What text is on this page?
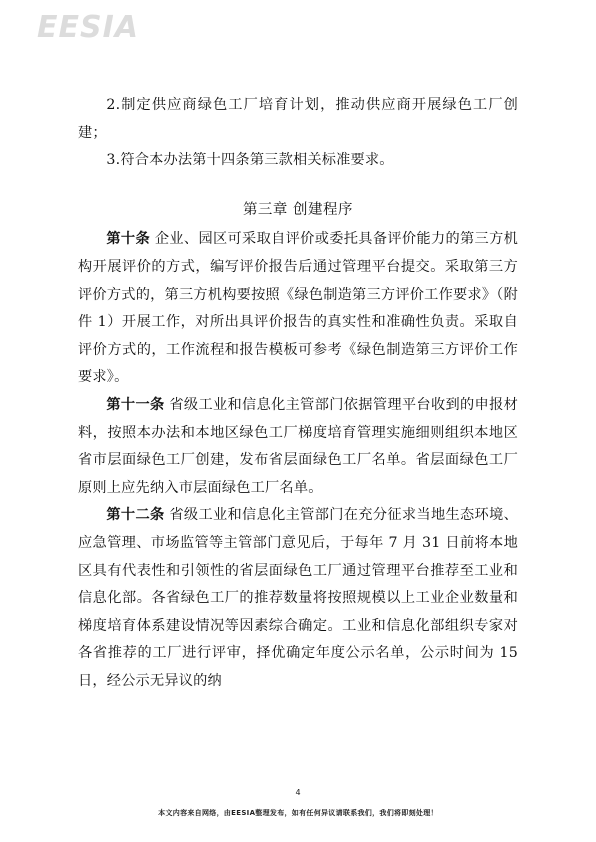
EESIA

2.制定供应商绿色工厂培育计划，推动供应商开展绿色工厂创建；

3.符合本办法第十四条第三款相关标准要求。

第三章 创建程序

第十条 企业、园区可采取自评价或委托具备评价能力的第三方机构开展评价的方式，编写评价报告后通过管理平台提交。采取第三方评价方式的，第三方机构要按照《绿色制造第三方评价工作要求》（附件 1）开展工作，对所出具评价报告的真实性和准确性负责。采取自评价方式的，工作流程和报告模板可参考《绿色制造第三方评价工作要求》。

第十一条 省级工业和信息化主管部门依据管理平台收到的申报材料，按照本办法和本地区绿色工厂梯度培育管理实施细则组织本地区省市层面绿色工厂创建，发布省层面绿色工厂名单。省层面绿色工厂原则上应先纳入市层面绿色工厂名单。

第十二条 省级工业和信息化主管部门在充分征求当地生态环境、应急管理、市场监管等主管部门意见后，于每年 7 月 31 日前将本地区具有代表性和引领性的省层面绿色工厂通过管理平台推荐至工业和信息化部。各省绿色工厂的推荐数量将按照规模以上工业企业数量和梯度培育体系建设情况等因素综合确定。工业和信息化部组织专家对各省推荐的工厂进行评审，择优确定年度公示名单，公示时间为 15 日，经公示无异议的纳

4
本文内容来自网络，由EESIA整理发布，如有任何异议请联系我们，我们将即刻处理！
